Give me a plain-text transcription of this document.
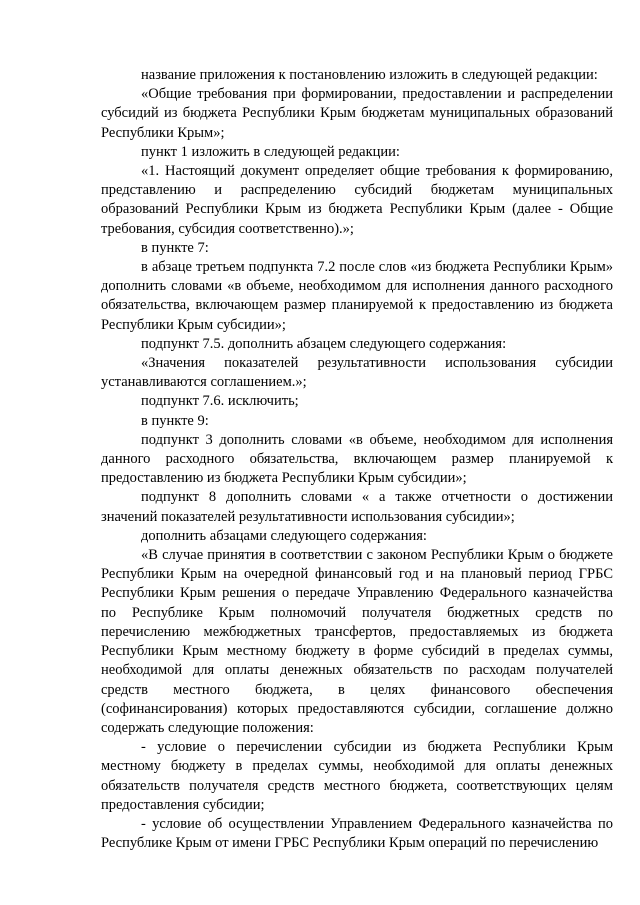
название приложения к постановлению изложить в следующей редакции:

«Общие требования при формировании, предоставлении и распределении субсидий из бюджета Республики Крым бюджетам муниципальных образований Республики Крым»;

пункт 1 изложить в следующей редакции:

«1. Настоящий документ определяет общие требования к формированию, представлению и распределению субсидий бюджетам муниципальных образований Республики Крым из бюджета Республики Крым (далее - Общие требования, субсидия соответственно).»;

в пункте 7:

в абзаце третьем подпункта 7.2 после слов «из бюджета Республики Крым» дополнить словами «в объеме, необходимом для исполнения данного расходного обязательства, включающем размер планируемой к предоставлению из бюджета Республики Крым субсидии»;

подпункт 7.5. дополнить абзацем следующего содержания:

«Значения показателей результативности использования субсидии устанавливаются соглашением.»;

подпункт 7.6. исключить;

в пункте 9:

подпункт 3 дополнить словами «в объеме, необходимом для исполнения данного расходного обязательства, включающем размер планируемой к предоставлению из бюджета Республики Крым субсидии»;

подпункт 8 дополнить словами « а также отчетности о достижении значений показателей результативности использования субсидии»;

дополнить абзацами следующего содержания:

«В случае принятия в соответствии с законом Республики Крым о бюджете Республики Крым на очередной финансовый год и на плановый период ГРБС Республики Крым решения о передаче Управлению Федерального казначейства по Республике Крым полномочий получателя бюджетных средств по перечислению межбюджетных трансфертов, предоставляемых из бюджета Республики Крым местному бюджету в форме субсидий в пределах суммы, необходимой для оплаты денежных обязательств по расходам получателей средств местного бюджета, в целях финансового обеспечения (софинансирования) которых предоставляются субсидии, соглашение должно содержать следующие положения:

- условие о перечислении субсидии из бюджета Республики Крым местному бюджету в пределах суммы, необходимой для оплаты денежных обязательств получателя средств местного бюджета, соответствующих целям предоставления субсидии;

- условие об осуществлении Управлением Федерального казначейства по Республике Крым от имени ГРБС Республики Крым операций по перечислению
